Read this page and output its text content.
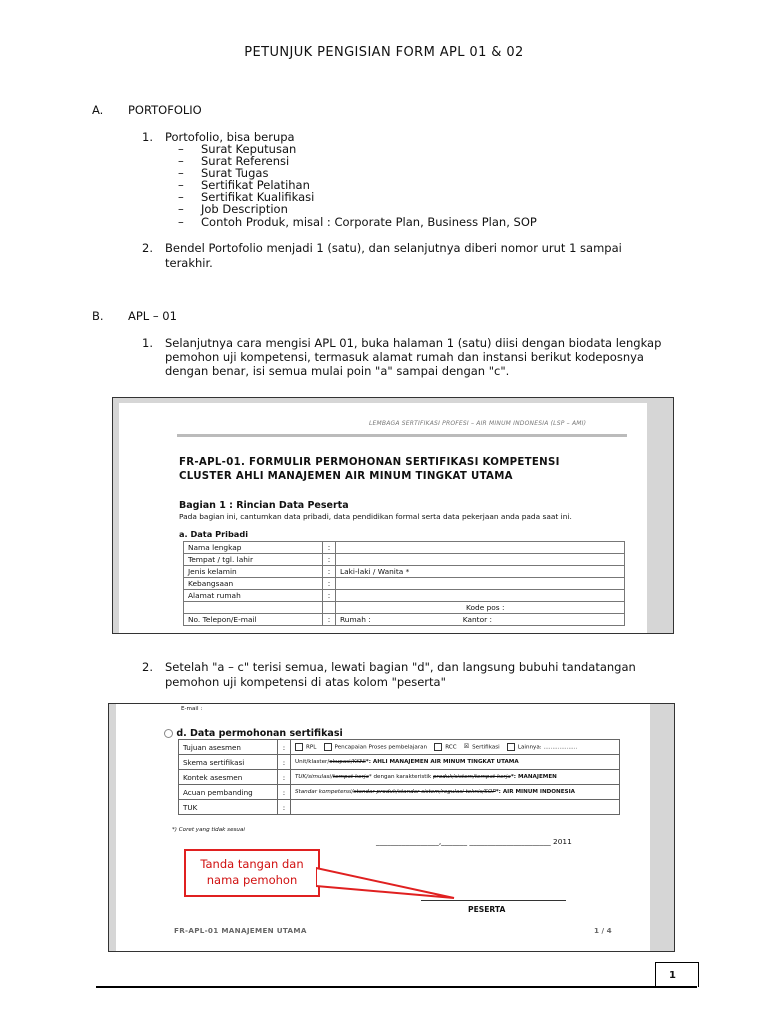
PETUNJUK PENGISIAN FORM APL 01 & 02
A. PORTOFOLIO
1. Portofolio, bisa berupa
– Surat Keputusan
– Surat Referensi
– Surat Tugas
– Sertifikat Pelatihan
– Sertifikat Kualifikasi
– Job Description
– Contoh Produk, misal : Corporate Plan, Business Plan, SOP
2. Bendel Portofolio menjadi 1 (satu), dan selanjutnya diberi nomor urut 1 sampai
terakhir.
B. APL – 01
1. Selanjutnya cara mengisi APL 01, buka halaman 1 (satu) diisi dengan biodata lengkap
pemohon uji kompetensi, termasuk alamat rumah dan instansi berikut kodeposnya
dengan benar, isi semua mulai poin "a" sampai dengan "c".
LEMBAGA SERTIFIKASI PROFESI – AIR MINUM INDONESIA (LSP – AMI)
FR-APL-01. FORMULIR PERMOHONAN SERTIFIKASI KOMPETENSI
CLUSTER AHLI MANAJEMEN AIR MINUM TINGKAT UTAMA
Bagian 1 : Rincian Data Peserta
Pada bagian ini, cantumkan data pribadi, data pendidikan formal serta data pekerjaan anda pada saat ini.
a. Data Pribadi
Nama lengkap	:	
Tempat / tgl. lahir	:	
Jenis kelamin	:	Laki-laki / Wanita *
Kebangsaan	:	
Alamat rumah	:	
		Kode pos :
No. Telepon/E-mail	:	Rumah : Kantor :
2. Setelah "a – c" terisi semua, lewati bagian "d", dan langsung bubuhi tandatangan
pemohon uji kompetensi di atas kolom "peserta"
E-mail :
d. Data permohonan sertifikasi
Tujuan asesmen	:	RPL Pencapaian Proses pembelajaran RCC ☒ Sertifikasi Lainnya: ...................
Skema sertifikasi	:	Unit/klaster/okupasi/KKNI*: AHLI MANAJEMEN AIR MINUM TINGKAT UTAMA
Kontek asesmen	:	TUK/simulasi/tempat kerja* dengan karakteristik produk/sistem/tempat kerja*: MANAJEMEN
Acuan pembanding	:	Standar kompetensi/standar produk/standar sistem/regulasi teknis/SOP*: AIR MINUM INDONESIA
TUK	:	
*) Coret yang tidak sesuai
_________________,_______ ______________________ 2011
Tanda tangan dan
nama pemohon
PESERTA
FR-APL-01 MANAJEMEN UTAMA	1 / 4
1
